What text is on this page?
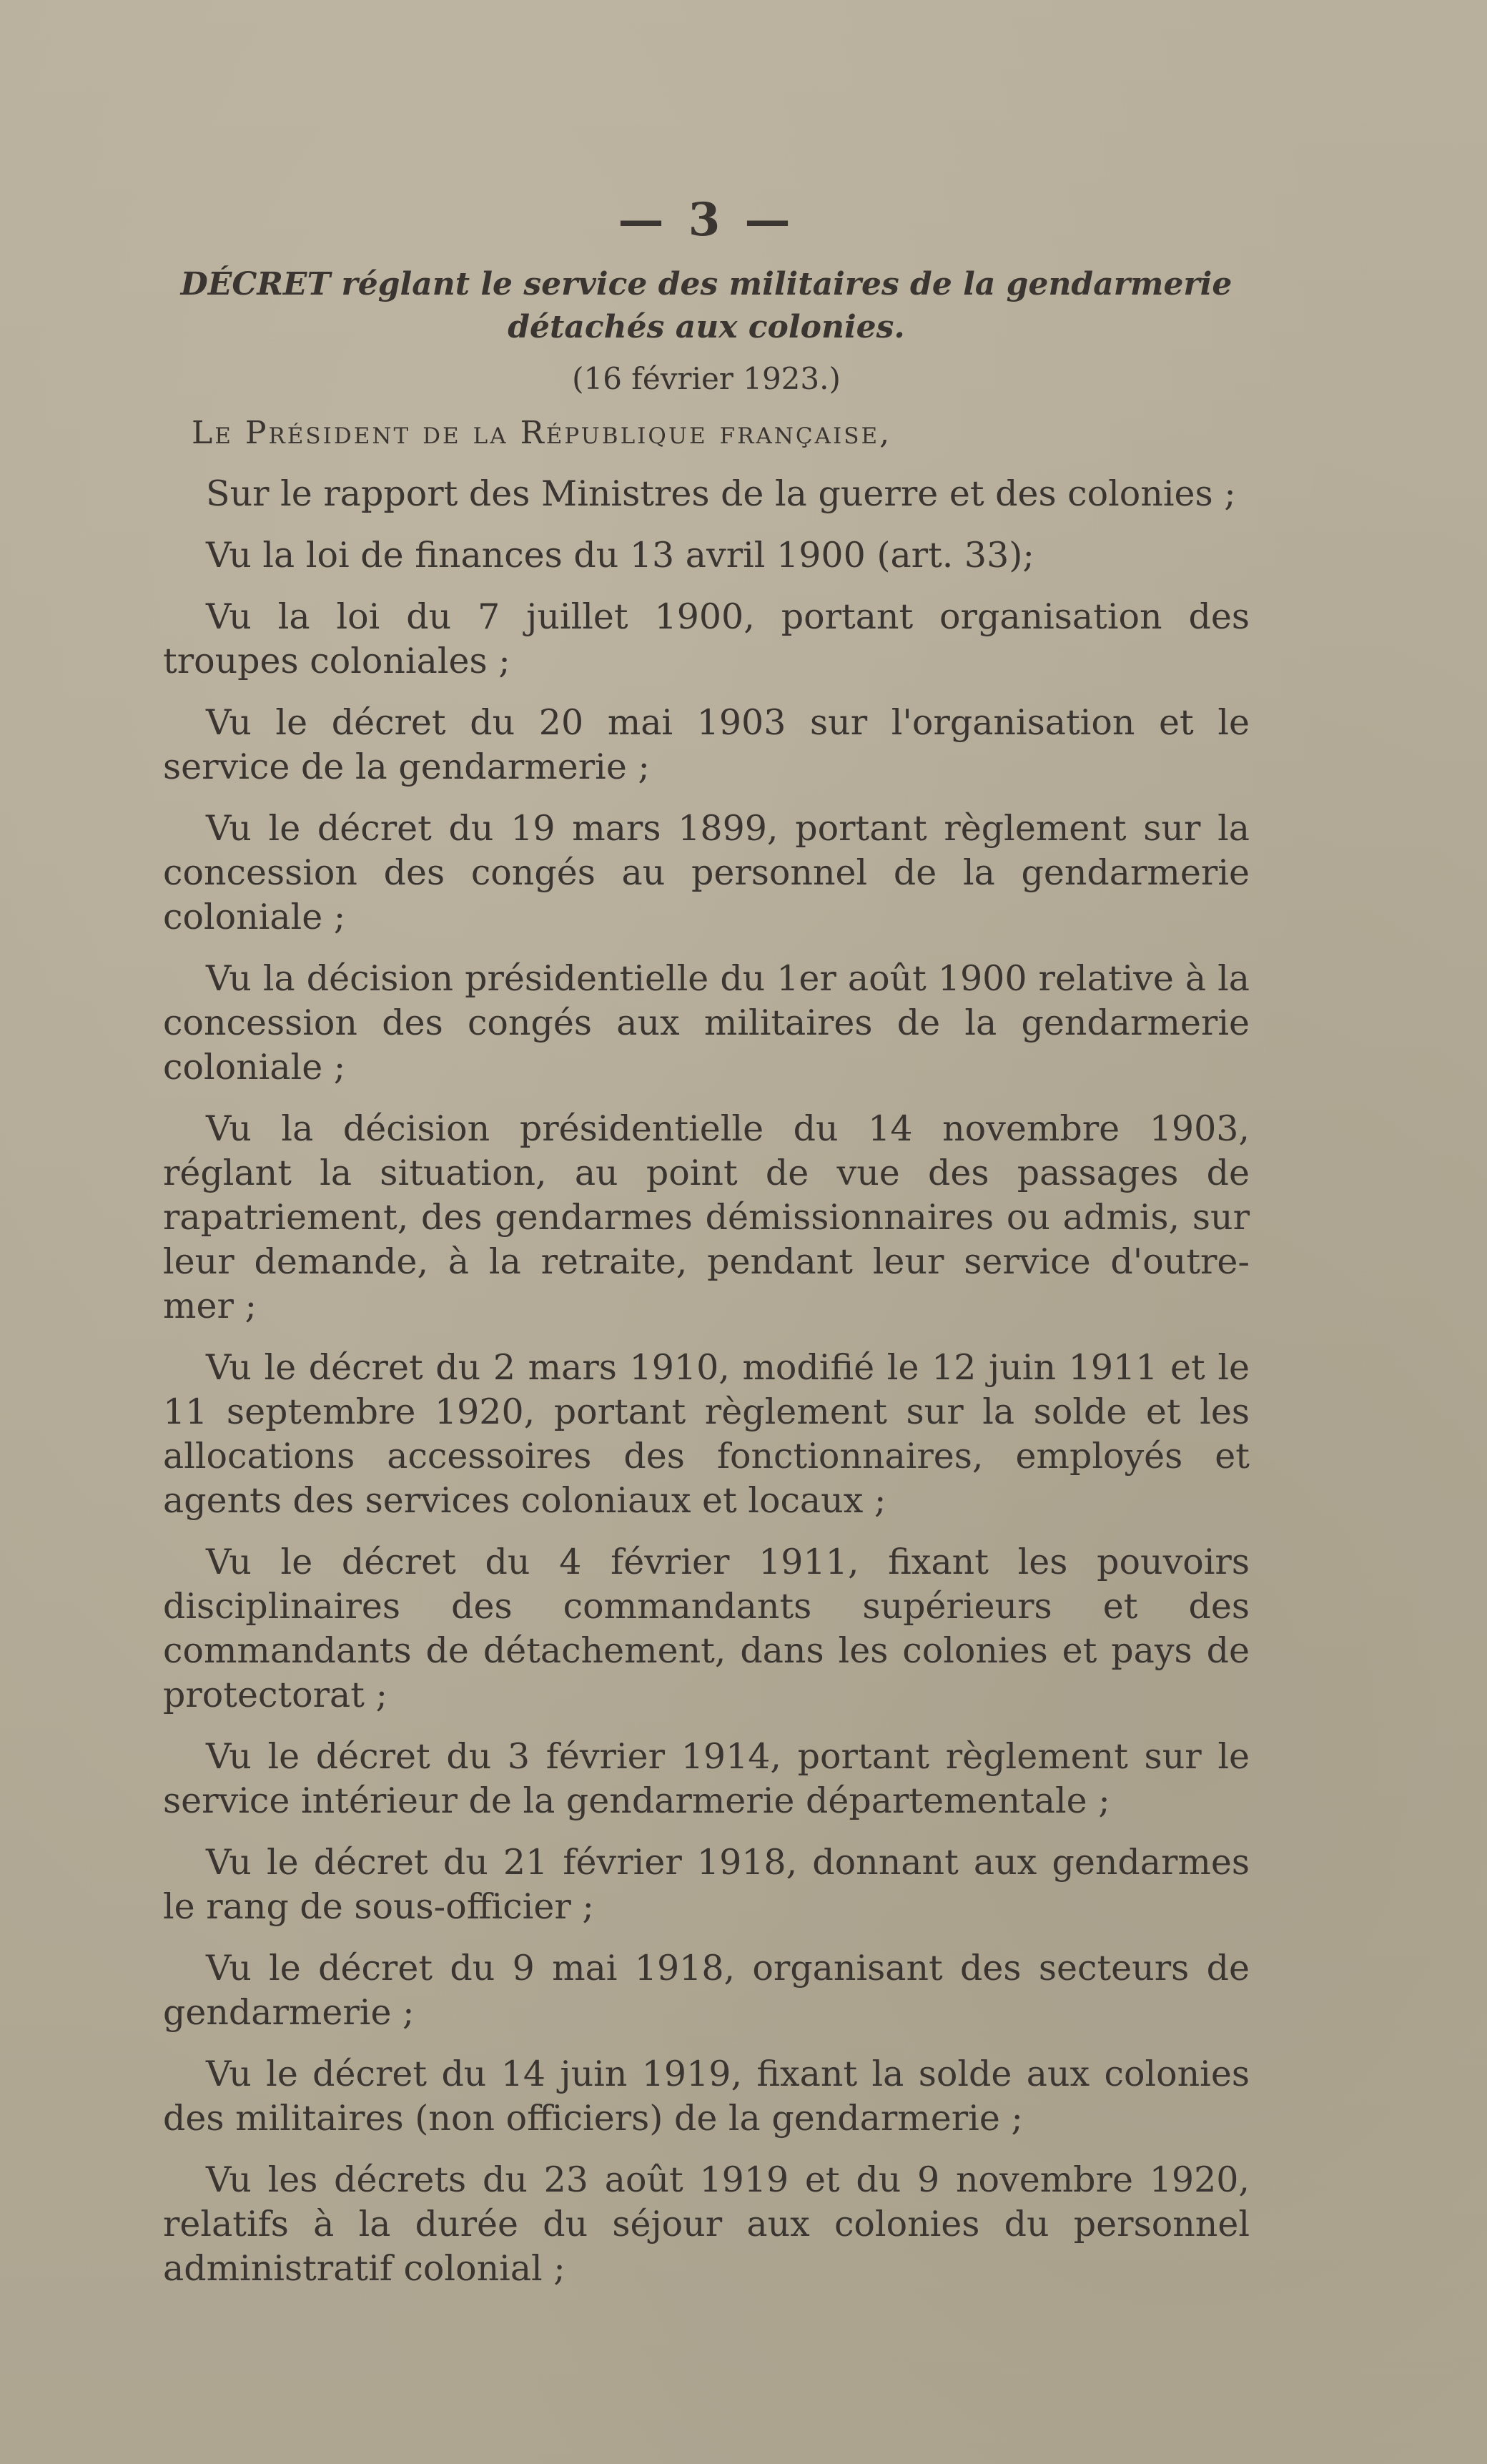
— 3 —
DÉCRET réglant le service des militaires de la gendarmerie
détachés aux colonies.
(16 février 1923.)
Le Président de la République française,

Sur le rapport des Ministres de la guerre et des colonies ;

Vu la loi de finances du 13 avril 1900 (art. 33);

Vu la loi du 7 juillet 1900, portant organisation des troupes coloniales ;

Vu le décret du 20 mai 1903 sur l'organisation et le service de la gendarmerie ;

Vu le décret du 19 mars 1899, portant règlement sur la concession des congés au personnel de la gendarmerie coloniale ;

Vu la décision présidentielle du 1er août 1900 relative à la concession des congés aux militaires de la gendarmerie coloniale ;

Vu la décision présidentielle du 14 novembre 1903, réglant la situation, au point de vue des passages de rapatriement, des gendarmes démissionnaires ou admis, sur leur demande, à la retraite, pendant leur service d'outre-mer ;

Vu le décret du 2 mars 1910, modifié le 12 juin 1911 et le 11 septembre 1920, portant règlement sur la solde et les allocations accessoires des fonctionnaires, employés et agents des services coloniaux et locaux ;

Vu le décret du 4 février 1911, fixant les pouvoirs disciplinaires des commandants supérieurs et des commandants de détachement, dans les colonies et pays de protectorat ;

Vu le décret du 3 février 1914, portant règlement sur le service intérieur de la gendarmerie départementale ;

Vu le décret du 21 février 1918, donnant aux gendarmes le rang de sous-officier ;

Vu le décret du 9 mai 1918, organisant des secteurs de gendarmerie ;

Vu le décret du 14 juin 1919, fixant la solde aux colonies des militaires (non officiers) de la gendarmerie ;

Vu les décrets du 23 août 1919 et du 9 novembre 1920, relatifs à la durée du séjour aux colonies du personnel administratif colonial ;
